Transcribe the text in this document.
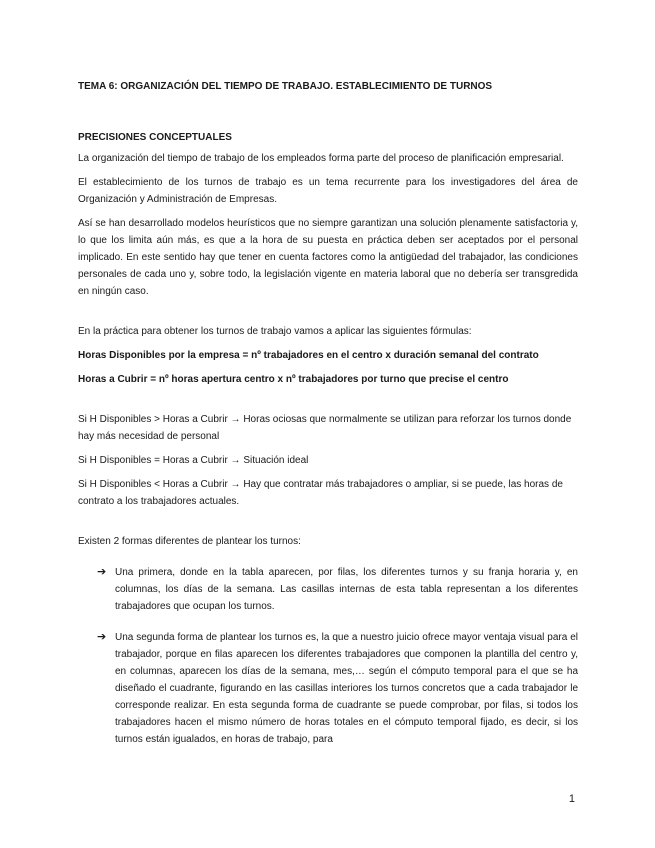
TEMA 6: ORGANIZACIÓN DEL TIEMPO DE TRABAJO. ESTABLECIMIENTO DE TURNOS
PRECISIONES CONCEPTUALES

La organización del tiempo de trabajo de los empleados forma parte del proceso de planificación empresarial.

El establecimiento de los turnos de trabajo es un tema recurrente para los investigadores del área de Organización y Administración de Empresas.

Así se han desarrollado modelos heurísticos que no siempre garantizan una solución plenamente satisfactoria y, lo que los limita aún más, es que a la hora de su puesta en práctica deben ser aceptados por el personal implicado. En este sentido hay que tener en cuenta factores como la antigüedad del trabajador, las condiciones personales de cada uno y, sobre todo, la legislación vigente en materia laboral que no debería ser transgredida en ningún caso.

En la práctica para obtener los turnos de trabajo vamos a aplicar las siguientes fórmulas:

Horas Disponibles por la empresa = nº trabajadores en el centro x duración semanal del contrato
Horas a Cubrir = nº horas apertura centro x nº trabajadores por turno que precise el centro
Si H Disponibles > Horas a Cubrir → Horas ociosas que normalmente se utilizan para reforzar los turnos donde hay más necesidad de personal
Si H Disponibles = Horas a Cubrir → Situación ideal
Si H Disponibles < Horas a Cubrir → Hay que contratar más trabajadores o ampliar, si se puede, las horas de contrato a los trabajadores actuales.

Existen 2 formas diferentes de plantear los turnos:

➔ Una primera, donde en la tabla aparecen, por filas, los diferentes turnos y su franja horaria y, en columnas, los días de la semana. Las casillas internas de esta tabla representan a los diferentes trabajadores que ocupan los turnos.
➔ Una segunda forma de plantear los turnos es, la que a nuestro juicio ofrece mayor ventaja visual para el trabajador, porque en filas aparecen los diferentes trabajadores que componen la plantilla del centro y, en columnas, aparecen los días de la semana, mes,… según el cómputo temporal para el que se ha diseñado el cuadrante, figurando en las casillas interiores los turnos concretos que a cada trabajador le corresponde realizar. En esta segunda forma de cuadrante se puede comprobar, por filas, si todos los trabajadores hacen el mismo número de horas totales en el cómputo temporal fijado, es decir, si los turnos están igualados, en horas de trabajo, para
1
